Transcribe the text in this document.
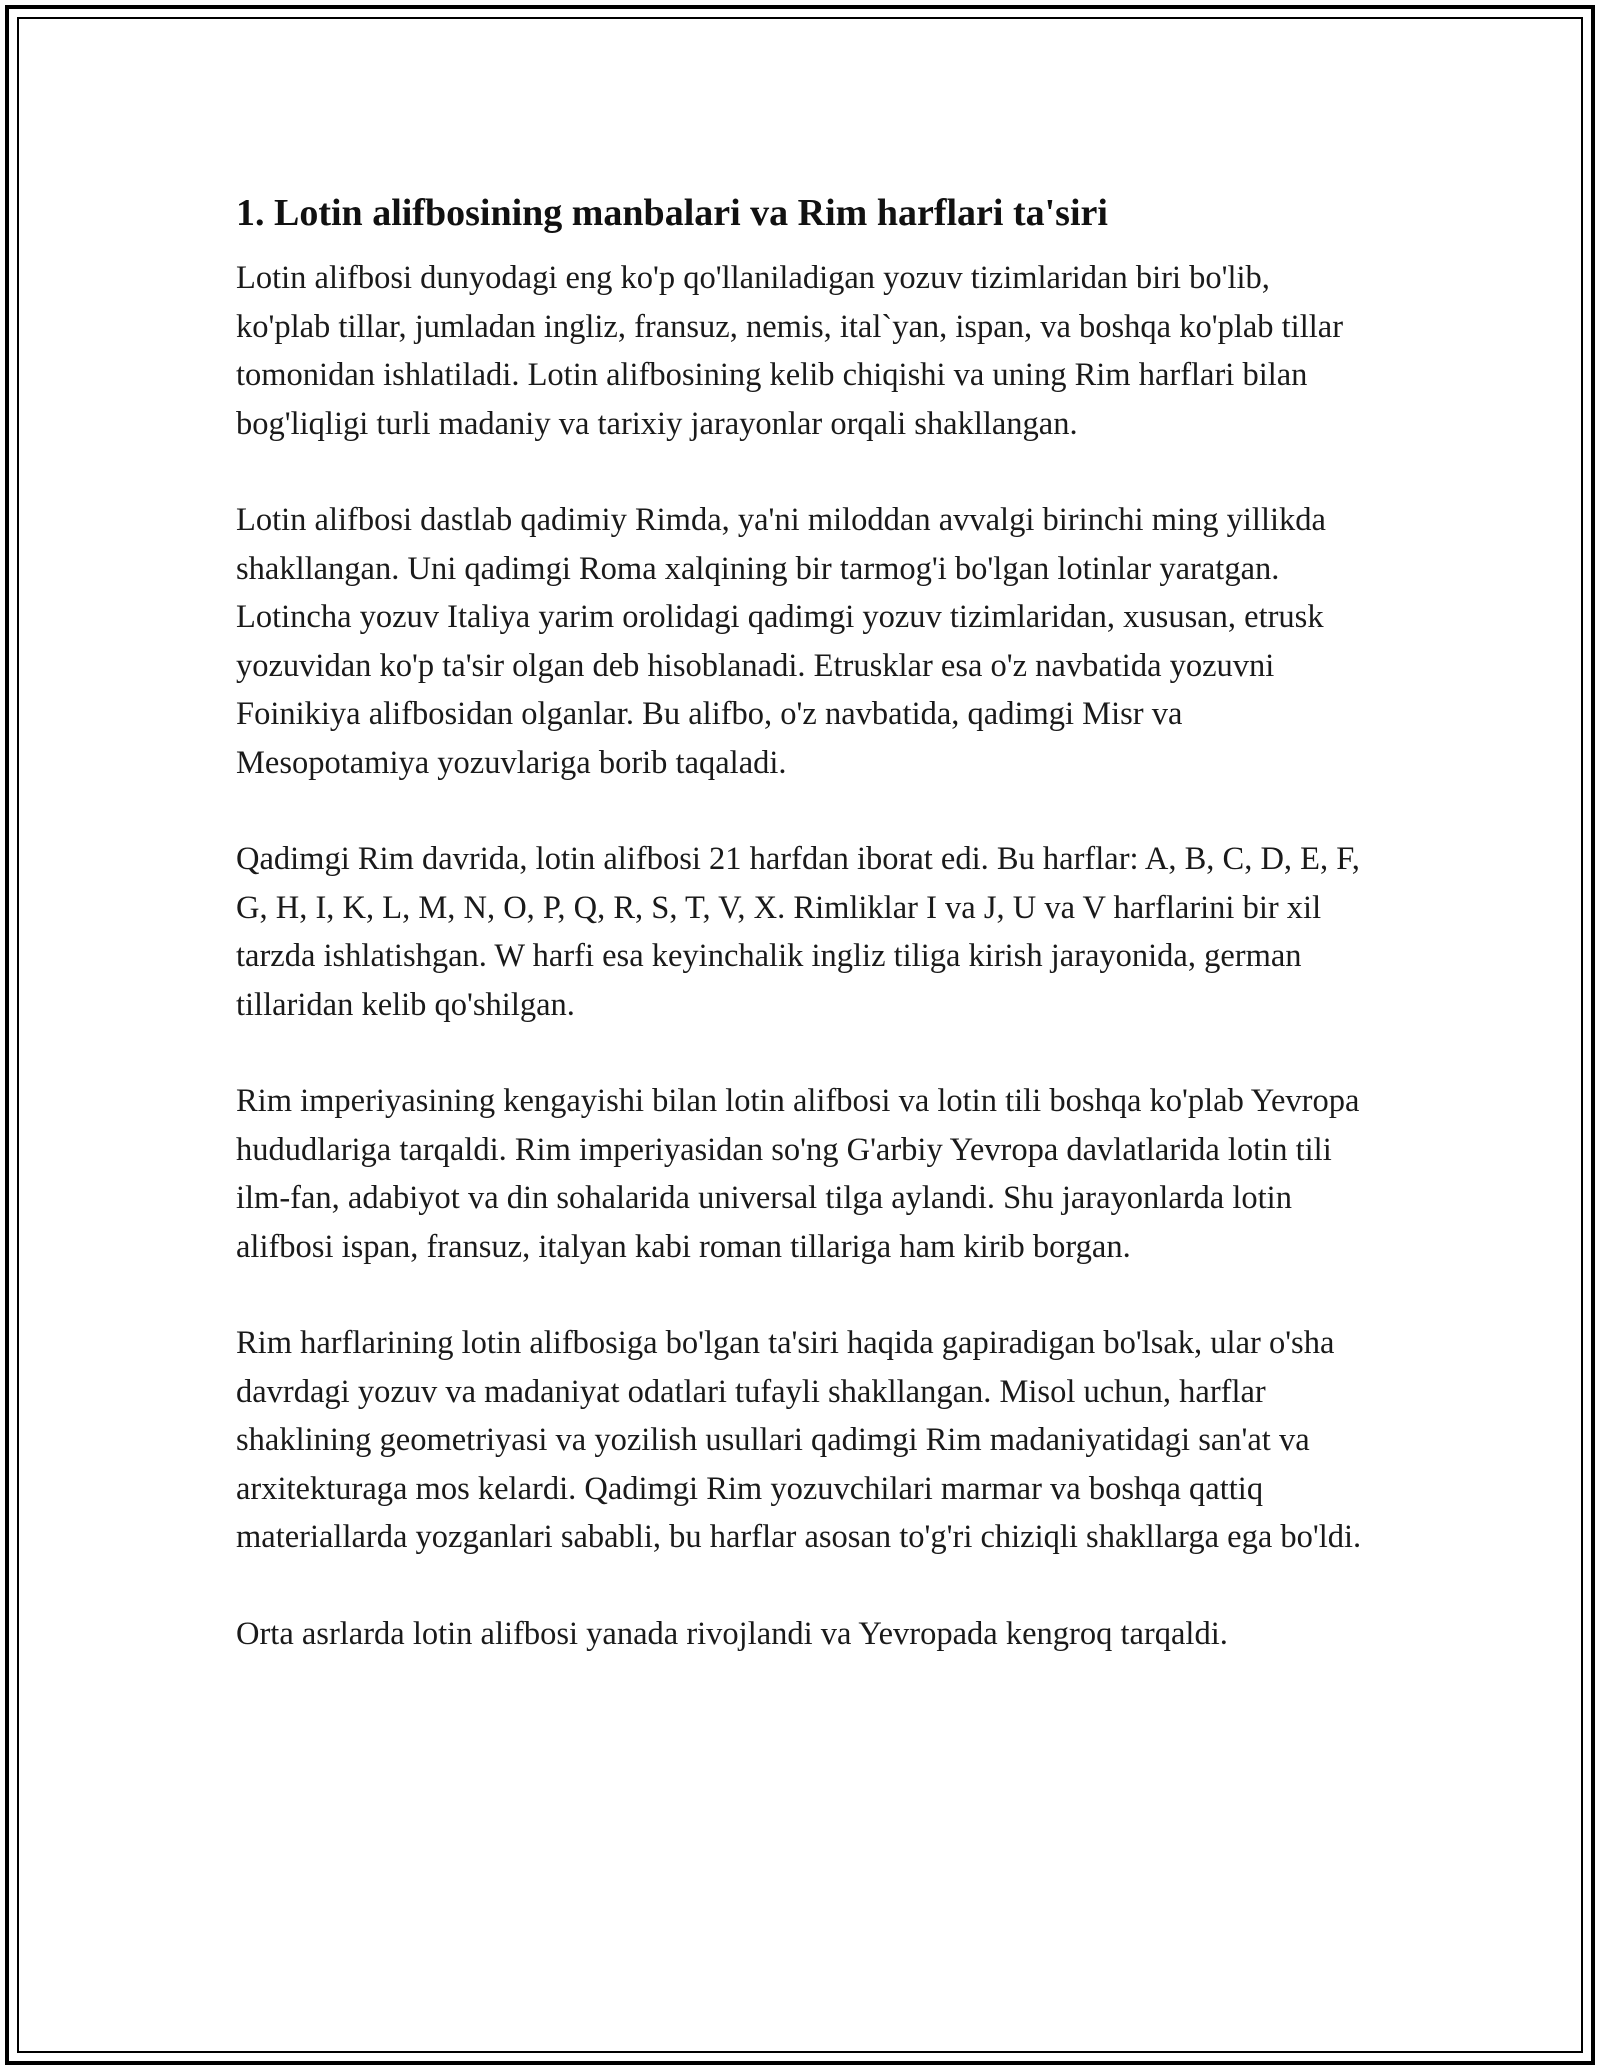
1. Lotin alifbosining manbalari va Rim harflari ta'siri

Lotin alifbosi dunyodagi eng ko'p qo'llaniladigan yozuv tizimlaridan biri bo'lib, ko'plab tillar, jumladan ingliz, fransuz, nemis, ital`yan, ispan, va boshqa ko'plab tillar tomonidan ishlatiladi. Lotin alifbosining kelib chiqishi va uning Rim harflari bilan bog'liqligi turli madaniy va tarixiy jarayonlar orqali shakllangan.

Lotin alifbosi dastlab qadimiy Rimda, ya'ni miloddan avvalgi birinchi ming yillikda shakllangan. Uni qadimgi Roma xalqining bir tarmog'i bo'lgan lotinlar yaratgan. Lotincha yozuv Italiya yarim orolidagi qadimgi yozuv tizimlaridan, xususan, etrusk yozuvidan ko'p ta'sir olgan deb hisoblanadi. Etrusklar esa o'z navbatida yozuvni Foinikiya alifbosidan olganlar. Bu alifbo, o'z navbatida, qadimgi Misr va Mesopotamiya yozuvlariga borib taqaladi.

Qadimgi Rim davrida, lotin alifbosi 21 harfdan iborat edi. Bu harflar: A, B, C, D, E, F, G, H, I, K, L, M, N, O, P, Q, R, S, T, V, X. Rimliklar I va J, U va V harflarini bir xil tarzda ishlatishgan. W harfi esa keyinchalik ingliz tiliga kirish jarayonida, german tillaridan kelib qo'shilgan.

Rim imperiyasining kengayishi bilan lotin alifbosi va lotin tili boshqa ko'plab Yevropa hududlariga tarqaldi. Rim imperiyasidan so'ng G'arbiy Yevropa davlatlarida lotin tili ilm-fan, adabiyot va din sohalarida universal tilga aylandi. Shu jarayonlarda lotin alifbosi ispan, fransuz, italyan kabi roman tillariga ham kirib borgan.

Rim harflarining lotin alifbosiga bo'lgan ta'siri haqida gapiradigan bo'lsak, ular o'sha davrdagi yozuv va madaniyat odatlari tufayli shakllangan. Misol uchun, harflar shaklining geometriyasi va yozilish usullari qadimgi Rim madaniyatidagi san'at va arxitekturaga mos kelardi. Qadimgi Rim yozuvchilari marmar va boshqa qattiq materiallarda yozganlari sababli, bu harflar asosan to'g'ri chiziqli shakllarga ega bo'ldi.

Orta asrlarda lotin alifbosi yanada rivojlandi va Yevropada kengroq tarqaldi.
